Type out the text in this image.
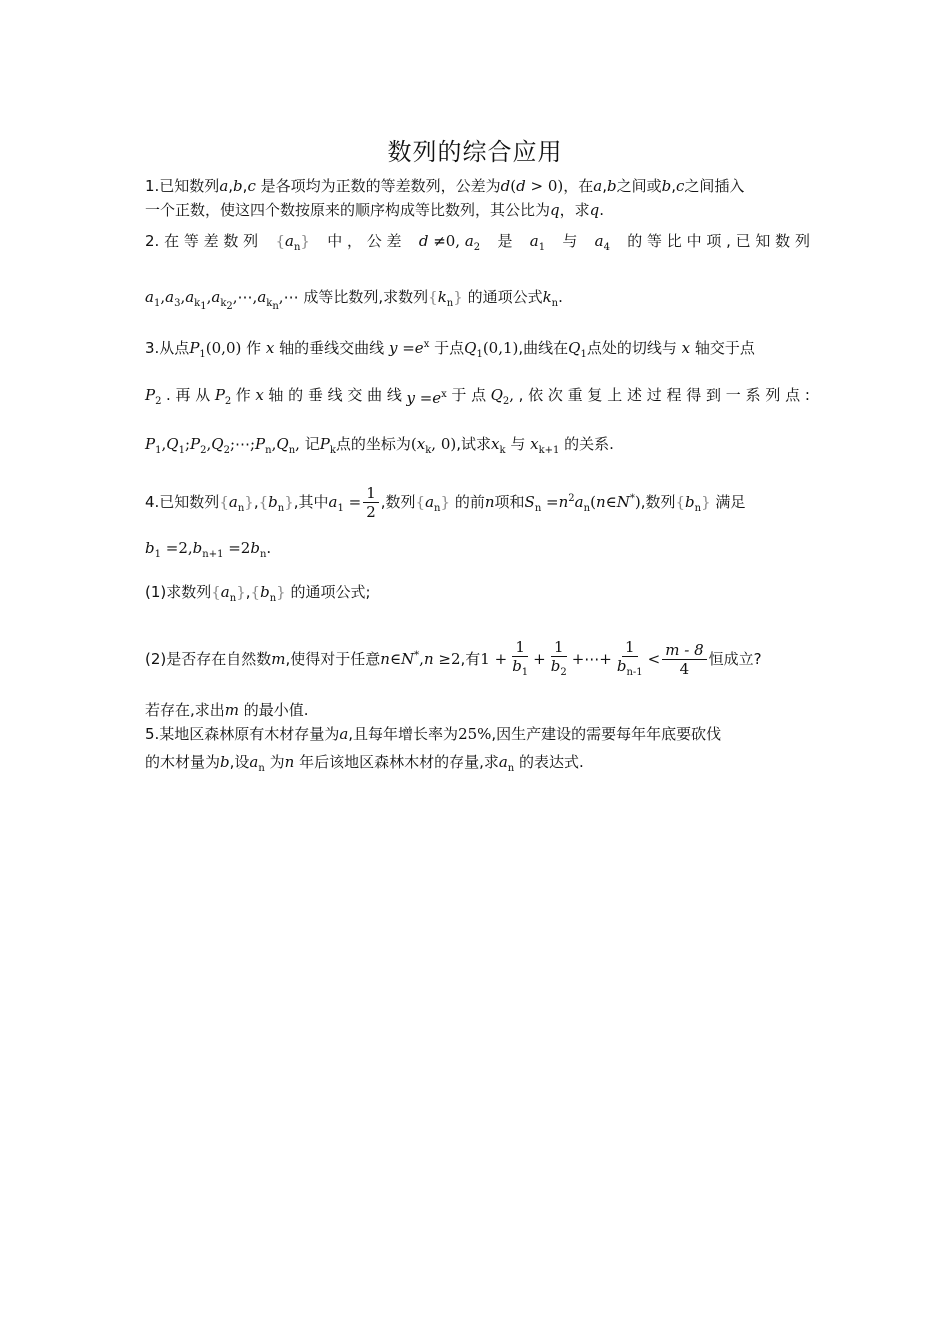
数列的综合应用
1.已知数列a,b,c 是各项均为正数的等差数列，公差为d(d > 0)，在a,b之间或b,c之间插入
一个正数，使这四个数按原来的顺序构成等比数列，其公比为q，求q.
2. 在 等 差 数 列 $\{a_n\}$ 中 ， 公 差 d ≠0, $a_2$ 是 $a_1$ 与 $a_4$ 的 等 比 中 项 , 已 知 数 列
$a_1,a_3,a_{k_1},a_{k_2},\cdots,a_{k_n},\cdots$ 成等比数列,求数列$\{k_n\}$ 的通项公式$k_n$.
3.从点$P_1(0,0)$ 作 x 轴的垂线交曲线 $y =e^x$ 于点$Q_1(0,1)$,曲线在$Q_1$点处的切线与 x 轴交于点
$P_2$ . 再 从 $P_2$ 作 x 轴 的 垂 线 交 曲 线 $y =e^x$ 于 点 $Q_2$, , 依 次 重 复 上 述 过 程 得 到 一 系 列 点 :
$P_1,Q_1;P_2,Q_2;\cdots;P_n,Q_n$, 记$P_k$点的坐标为($x_k$, 0),试求$x_k$ 与 $x_{k+1}$ 的关系.
4.已知数列$\{a_n\},\{b_n\}$,其中$a_1 = \frac{1}{2}$ ,数列$\{a_n\}$ 的前n项和$S_n$ $=n^2a_n(n\in N^*)$,数列$\{b_n\}$ 满足
$b_1 =2,b_{n+1} =2b_n$.
(1)求数列$\{a_n\},\{b_n\}$ 的通项公式;
(2)是否存在自然数m,使得对于任意n∈N*,n ≥2,有$1 + \frac{1}{b_1} + \frac{1}{b_2}$ +⋯+ $\frac{1}{b_{n-1}} < \frac{m - 8}{4}$ 恒成立?
若存在,求出m 的最小值.
5.某地区森林原有木材存量为a,且每年增长率为25%,因生产建设的需要每年年底要砍伐
的木材量为b,设$a_n$ 为n 年后该地区森林木材的存量,求$a_n$ 的表达式.
